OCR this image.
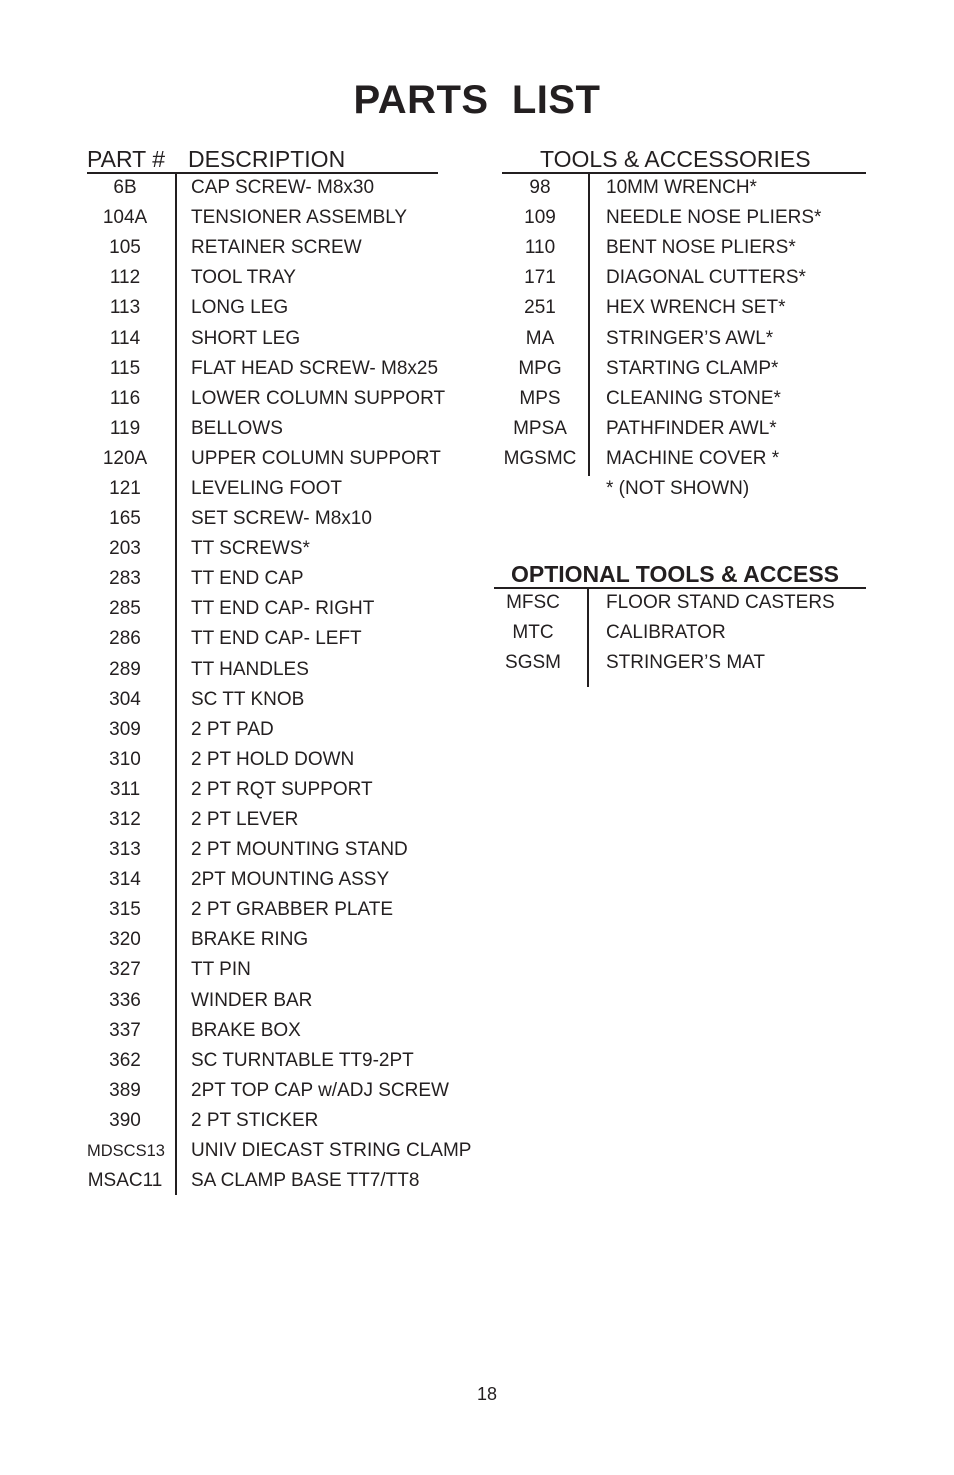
PARTS  LIST
PART # DESCRIPTION
6B	CAP SCREW- M8x30
104A	TENSIONER ASSEMBLY
105	RETAINER SCREW
112	TOOL TRAY
113	LONG LEG
114	SHORT LEG
115	FLAT HEAD SCREW- M8x25
116	LOWER COLUMN SUPPORT
119	BELLOWS
120A	UPPER COLUMN SUPPORT
121	LEVELING FOOT
165	SET SCREW- M8x10
203	TT SCREWS*
283	TT END CAP
285	TT END CAP- RIGHT
286	TT END CAP- LEFT
289	TT HANDLES
304	SC TT KNOB
309	2 PT PAD
310	2 PT HOLD DOWN
311	2 PT RQT SUPPORT
312	2 PT LEVER
313	2 PT MOUNTING STAND
314	2PT MOUNTING ASSY
315	2 PT GRABBER PLATE
320	BRAKE RING
327	TT PIN
336	WINDER BAR
337	BRAKE BOX
362	SC TURNTABLE TT9-2PT
389	2PT TOP CAP w/ADJ SCREW
390	2 PT STICKER
MDSCS13 UNIV DIECAST STRING CLAMP
MSAC11 SA CLAMP BASE TT7/TT8
TOOLS & ACCESSORIES
98	10MM WRENCH*
109	NEEDLE NOSE PLIERS*
110	BENT NOSE PLIERS*
171	DIAGONAL CUTTERS*
251	HEX WRENCH SET*
MA	STRINGER’S AWL*
MPG	STARTING CLAMP*
MPS	CLEANING STONE*
MPSA	PATHFINDER AWL*
MGSMC MACHINE COVER *
* (NOT SHOWN)
OPTIONAL TOOLS & ACCESS
MFSC	FLOOR STAND CASTERS
MTC	CALIBRATOR
SGSM	STRINGER’S MAT
18
